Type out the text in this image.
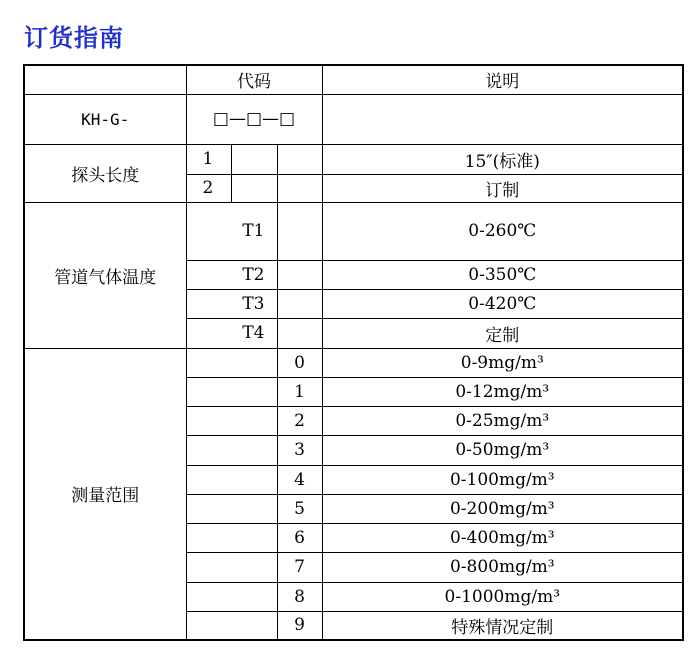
订货指南
	代码			说明
KH-G-	□—□—□			
探头长度	1			15″(标准)
	2			订制
管道气体温度	T1			0-260℃
	T2			0-350℃
	T3			0-420℃
	T4			定制
测量范围			0	0-9mg/m³
			1	0-12mg/m³
			2	0-25mg/m³
			3	0-50mg/m³
			4	0-100mg/m³
			5	0-200mg/m³
			6	0-400mg/m³
			7	0-800mg/m³
			8	0-1000mg/m³
			9	特殊情况定制
